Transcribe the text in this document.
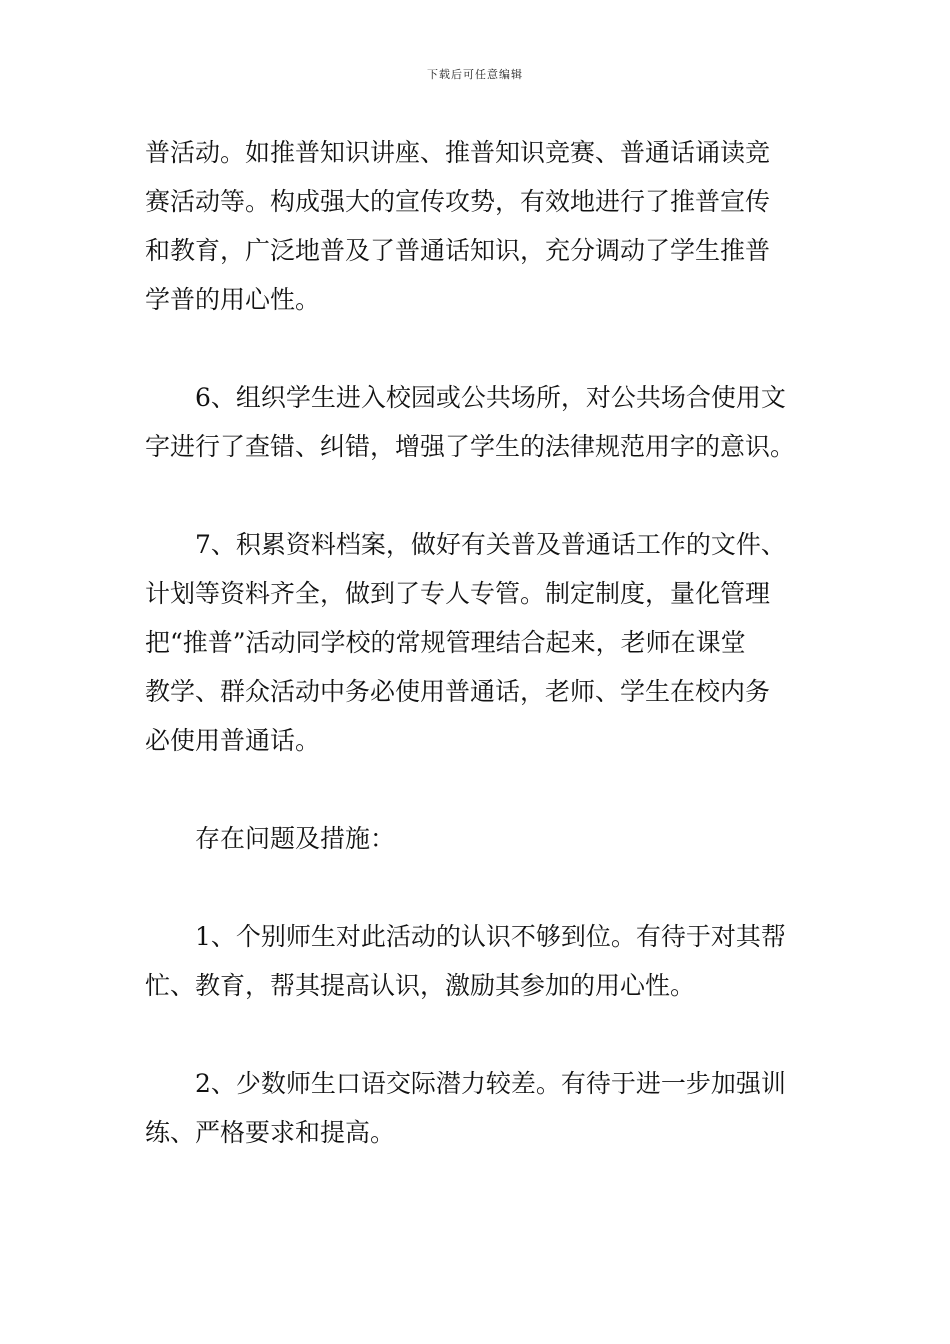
下载后可任意编辑
普活动。如推普知识讲座、推普知识竞赛、普通话诵读竞
赛活动等。构成强大的宣传攻势，有效地进行了推普宣传
和教育，广泛地普及了普通话知识，充分调动了学生推普
学普的用心性。
　　6、组织学生进入校园或公共场所，对公共场合使用文
字进行了查错、纠错，增强了学生的法律规范用字的意识。
　　7、积累资料档案，做好有关普及普通话工作的文件、
计划等资料齐全，做到了专人专管。制定制度，量化管理
把“推普”活动同学校的常规管理结合起来，老师在课堂
教学、群众活动中务必使用普通话，老师、学生在校内务
必使用普通话。
　　存在问题及措施：
　　1、个别师生对此活动的认识不够到位。有待于对其帮
忙、教育，帮其提高认识，激励其参加的用心性。
　　2、少数师生口语交际潜力较差。有待于进一步加强训
练、严格要求和提高。
